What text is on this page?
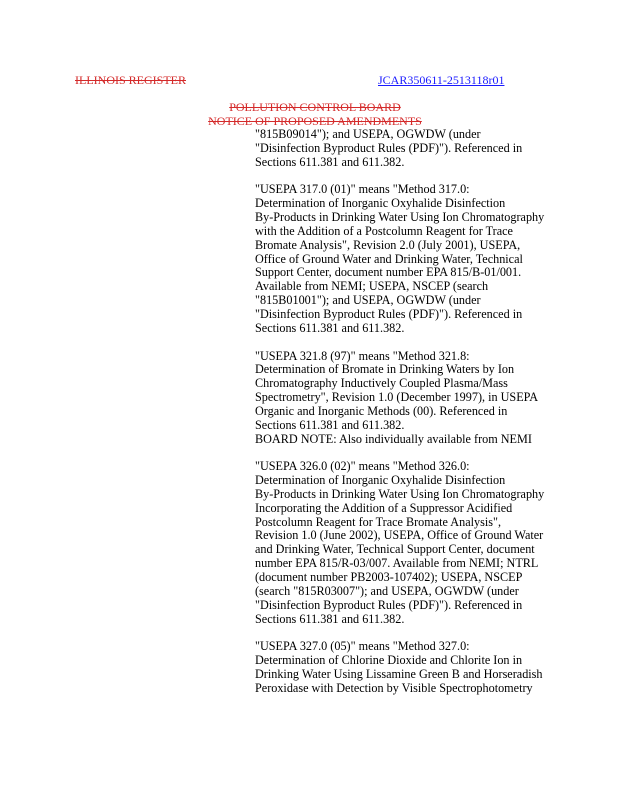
ILLINOIS REGISTER	JCAR350611-2513118r01
POLLUTION CONTROL BOARD
NOTICE OF PROPOSED AMENDMENTS
"815B09014"); and USEPA, OGWDW (under
"Disinfection Byproduct Rules (PDF)"). Referenced in
Sections 611.381 and 611.382.
"USEPA 317.0 (01)" means "Method 317.0:
Determination of Inorganic Oxyhalide Disinfection
By-Products in Drinking Water Using Ion Chromatography
with the Addition of a Postcolumn Reagent for Trace
Bromate Analysis", Revision 2.0 (July 2001), USEPA,
Office of Ground Water and Drinking Water, Technical
Support Center, document number EPA 815/B-01/001.
Available from NEMI; USEPA, NSCEP (search
"815B01001"); and USEPA, OGWDW (under
"Disinfection Byproduct Rules (PDF)"). Referenced in
Sections 611.381 and 611.382.
"USEPA 321.8 (97)" means "Method 321.8:
Determination of Bromate in Drinking Waters by Ion
Chromatography Inductively Coupled Plasma/Mass
Spectrometry", Revision 1.0 (December 1997), in USEPA
Organic and Inorganic Methods (00). Referenced in
Sections 611.381 and 611.382.
BOARD NOTE: Also individually available from NEMI
"USEPA 326.0 (02)" means "Method 326.0:
Determination of Inorganic Oxyhalide Disinfection
By-Products in Drinking Water Using Ion Chromatography
Incorporating the Addition of a Suppressor Acidified
Postcolumn Reagent for Trace Bromate Analysis",
Revision 1.0 (June 2002), USEPA, Office of Ground Water
and Drinking Water, Technical Support Center, document
number EPA 815/R-03/007. Available from NEMI; NTRL
(document number PB2003-107402); USEPA, NSCEP
(search "815R03007"); and USEPA, OGWDW (under
"Disinfection Byproduct Rules (PDF)"). Referenced in
Sections 611.381 and 611.382.
"USEPA 327.0 (05)" means "Method 327.0:
Determination of Chlorine Dioxide and Chlorite Ion in
Drinking Water Using Lissamine Green B and Horseradish
Peroxidase with Detection by Visible Spectrophotometry
